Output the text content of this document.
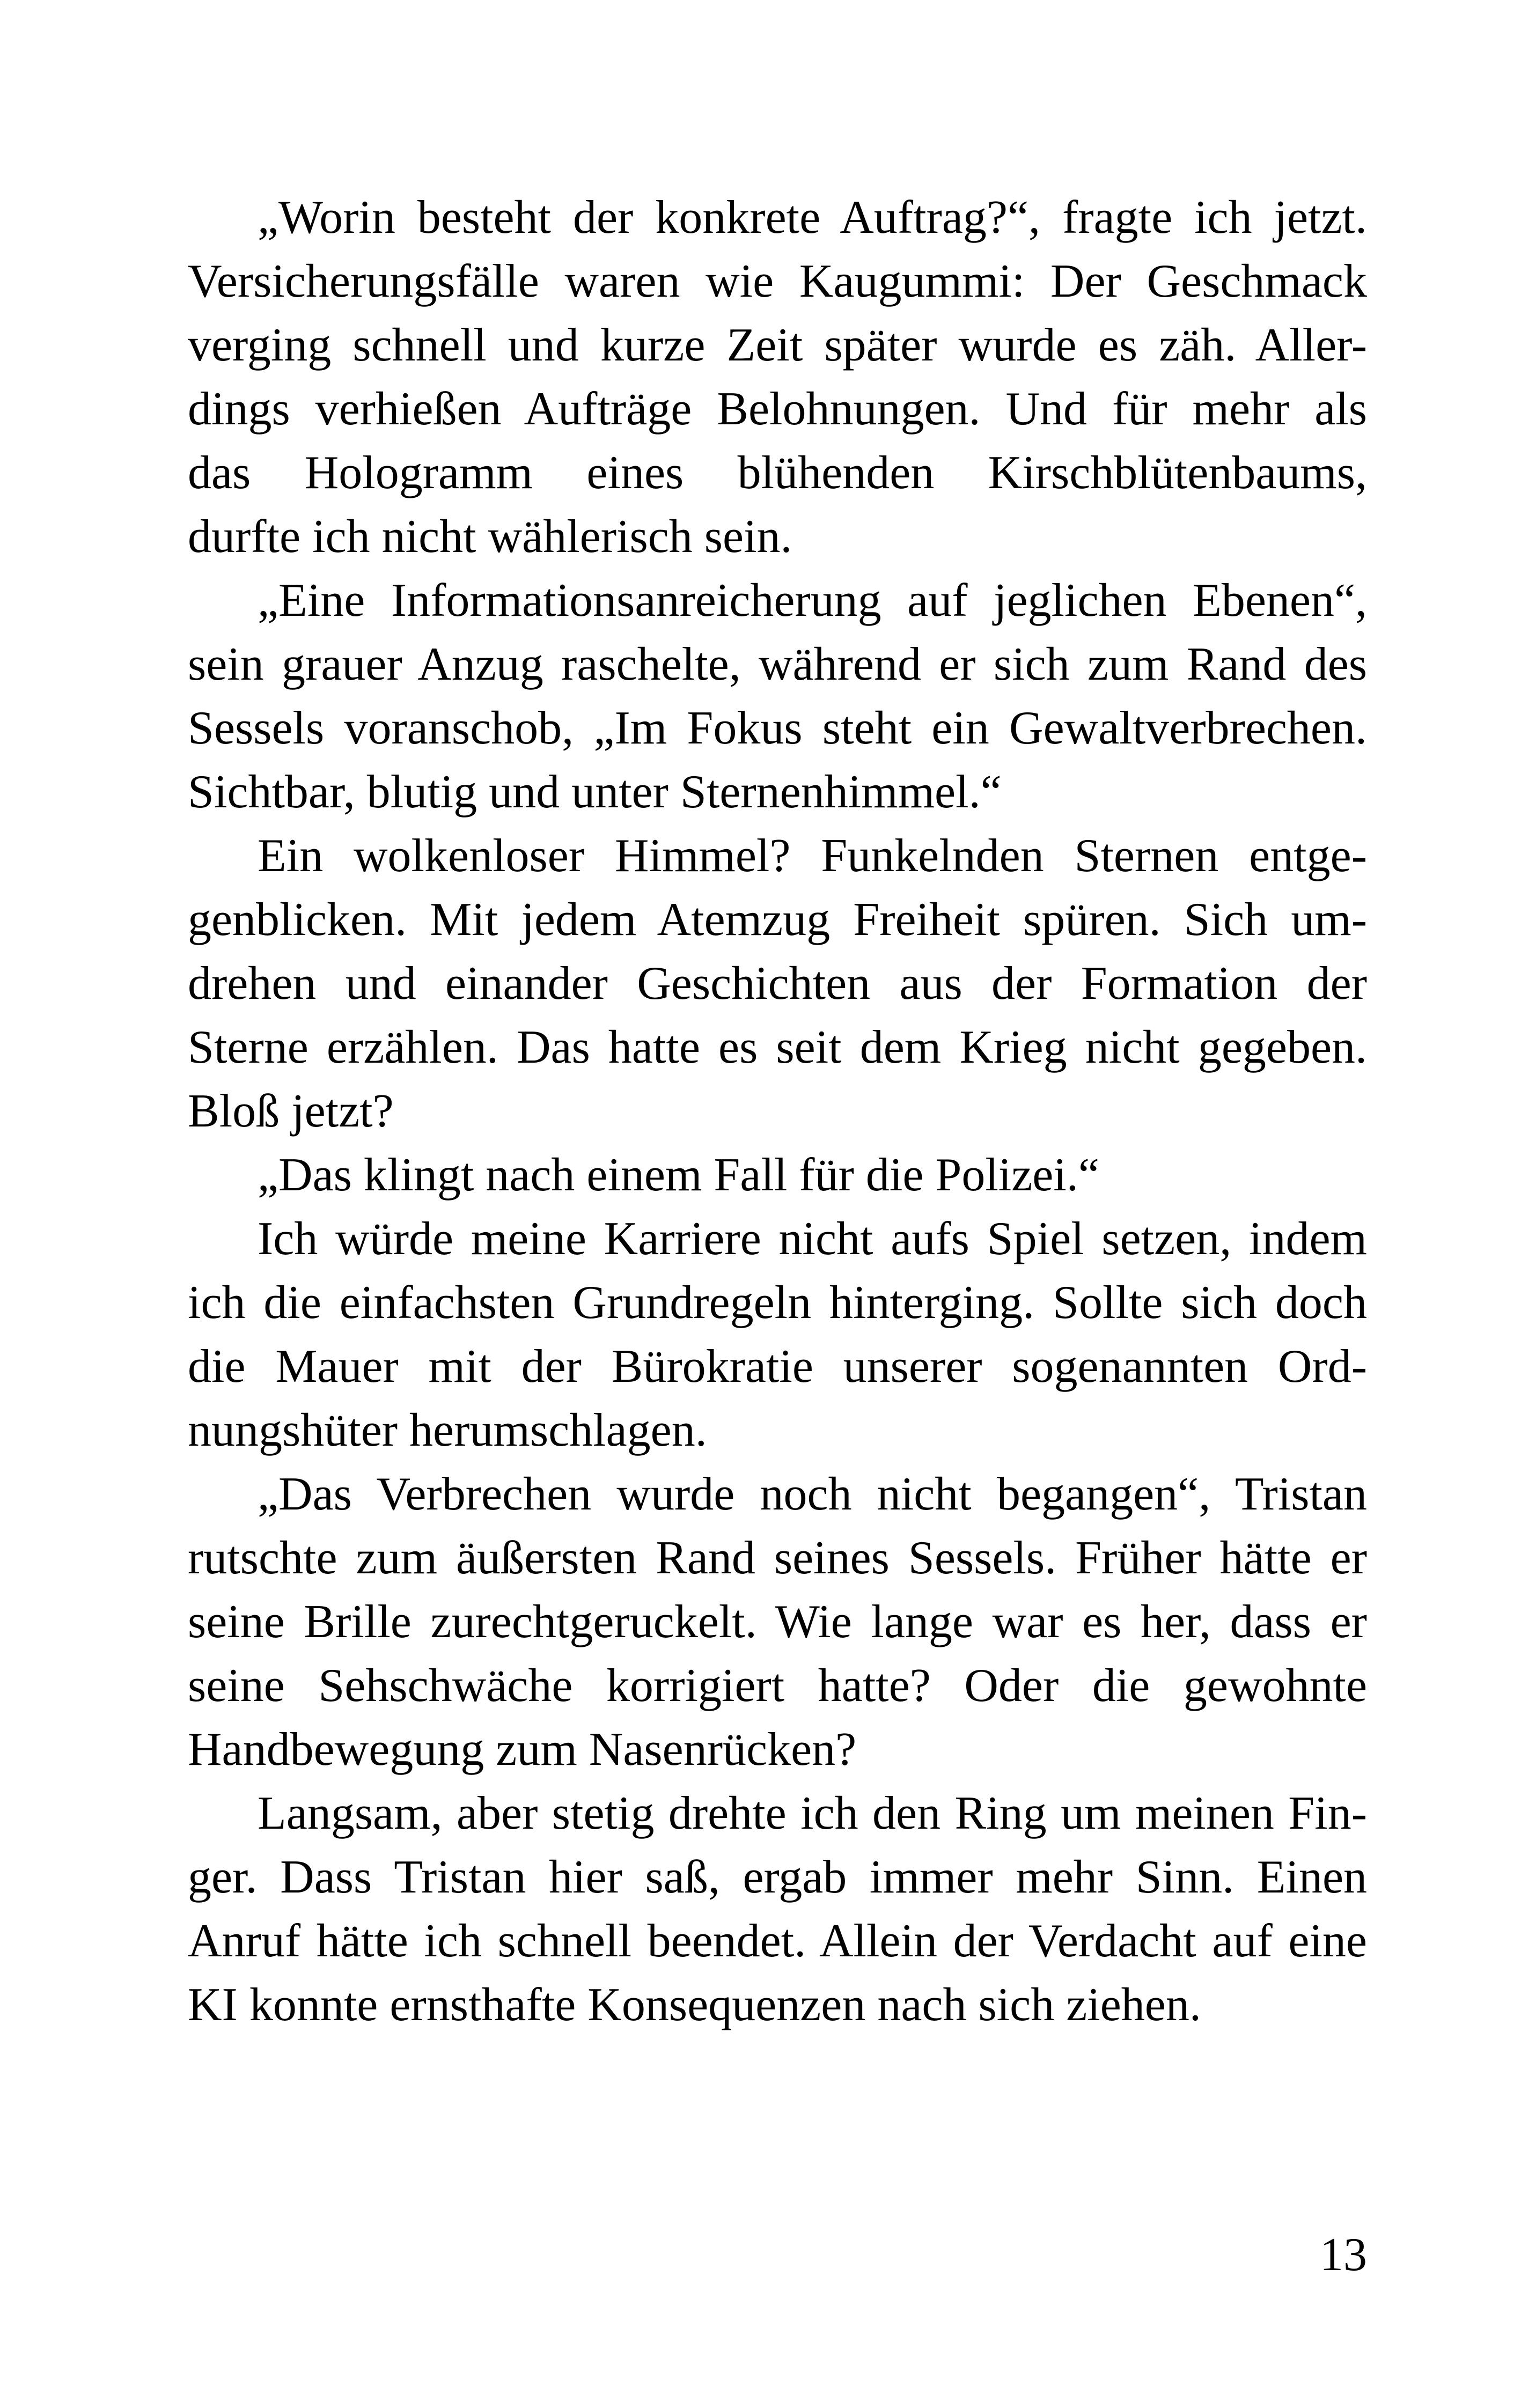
„Worin besteht der konkrete Auftrag?“, fragte ich jetzt.
Versicherungsfälle waren wie Kaugummi: Der Geschmack
verging schnell und kurze Zeit später wurde es zäh. Aller-
dings verhießen Aufträge Belohnungen. Und für mehr als
das Hologramm eines blühenden Kirschblütenbaums,
durfte ich nicht wählerisch sein.
„Eine Informationsanreicherung auf jeglichen Ebenen“,
sein grauer Anzug raschelte, während er sich zum Rand des
Sessels voranschob, „Im Fokus steht ein Gewaltverbrechen.
Sichtbar, blutig und unter Sternenhimmel.“
Ein wolkenloser Himmel? Funkelnden Sternen entge-
genblicken. Mit jedem Atemzug Freiheit spüren. Sich um-
drehen und einander Geschichten aus der Formation der
Sterne erzählen. Das hatte es seit dem Krieg nicht gegeben.
Bloß jetzt?
„Das klingt nach einem Fall für die Polizei.“
Ich würde meine Karriere nicht aufs Spiel setzen, indem
ich die einfachsten Grundregeln hinterging. Sollte sich doch
die Mauer mit der Bürokratie unserer sogenannten Ord-
nungshüter herumschlagen.
„Das Verbrechen wurde noch nicht begangen“, Tristan
rutschte zum äußersten Rand seines Sessels. Früher hätte er
seine Brille zurechtgeruckelt. Wie lange war es her, dass er
seine Sehschwäche korrigiert hatte? Oder die gewohnte
Handbewegung zum Nasenrücken?
Langsam, aber stetig drehte ich den Ring um meinen Fin-
ger. Dass Tristan hier saß, ergab immer mehr Sinn. Einen
Anruf hätte ich schnell beendet. Allein der Verdacht auf eine
KI konnte ernsthafte Konsequenzen nach sich ziehen.
13
